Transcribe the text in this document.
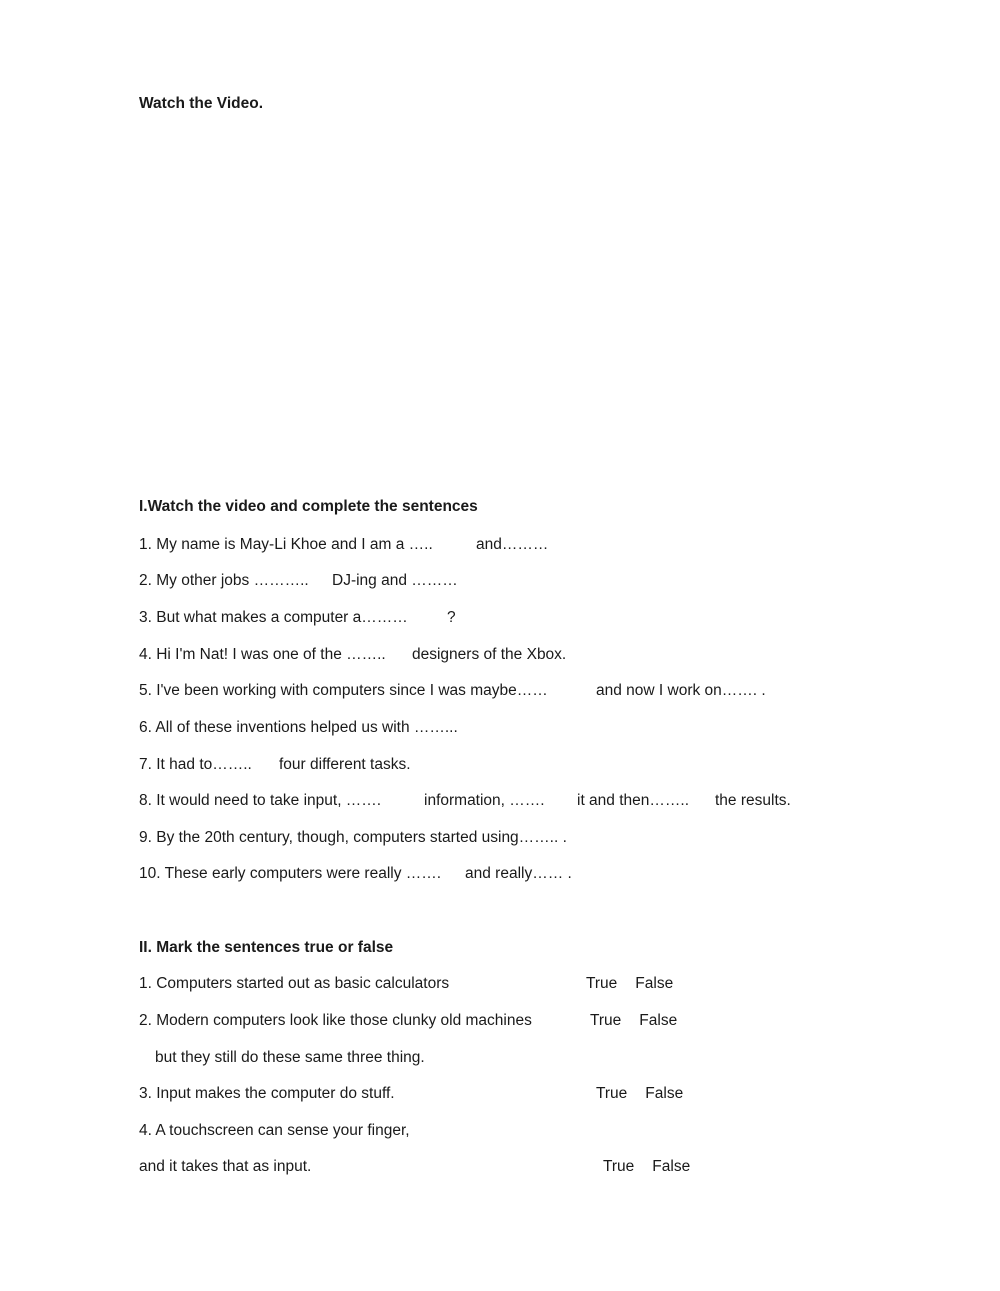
Watch the Video.
I.Watch the video and complete the sentences
1. My name is May-Li Khoe and I am a …..	and………
2. My other jobs ……….. DJ-ing and ………
3. But what makes a computer a………	?
4. Hi I'm Nat! I was one of the …….. designers of the Xbox.
5. I've been working with computers since I was maybe……	and now I work on……. .
6. All of these inventions helped us with ……...
7. It had to…….. four different tasks.
8. It would need to take input, …….	information, ……. it and then…….. the results.
9. By the 20th century, though, computers started using…….. .
10. These early computers were really ……. and really…… .
II. Mark the sentences true or false
1. Computers started out as basic calculators	True False
2. Modern computers look like those clunky old machines	True False
but they still do these same three thing.
3. Input makes the computer do stuff.	True False
4. A touchscreen can sense your finger,
and it takes that as input.	True False
